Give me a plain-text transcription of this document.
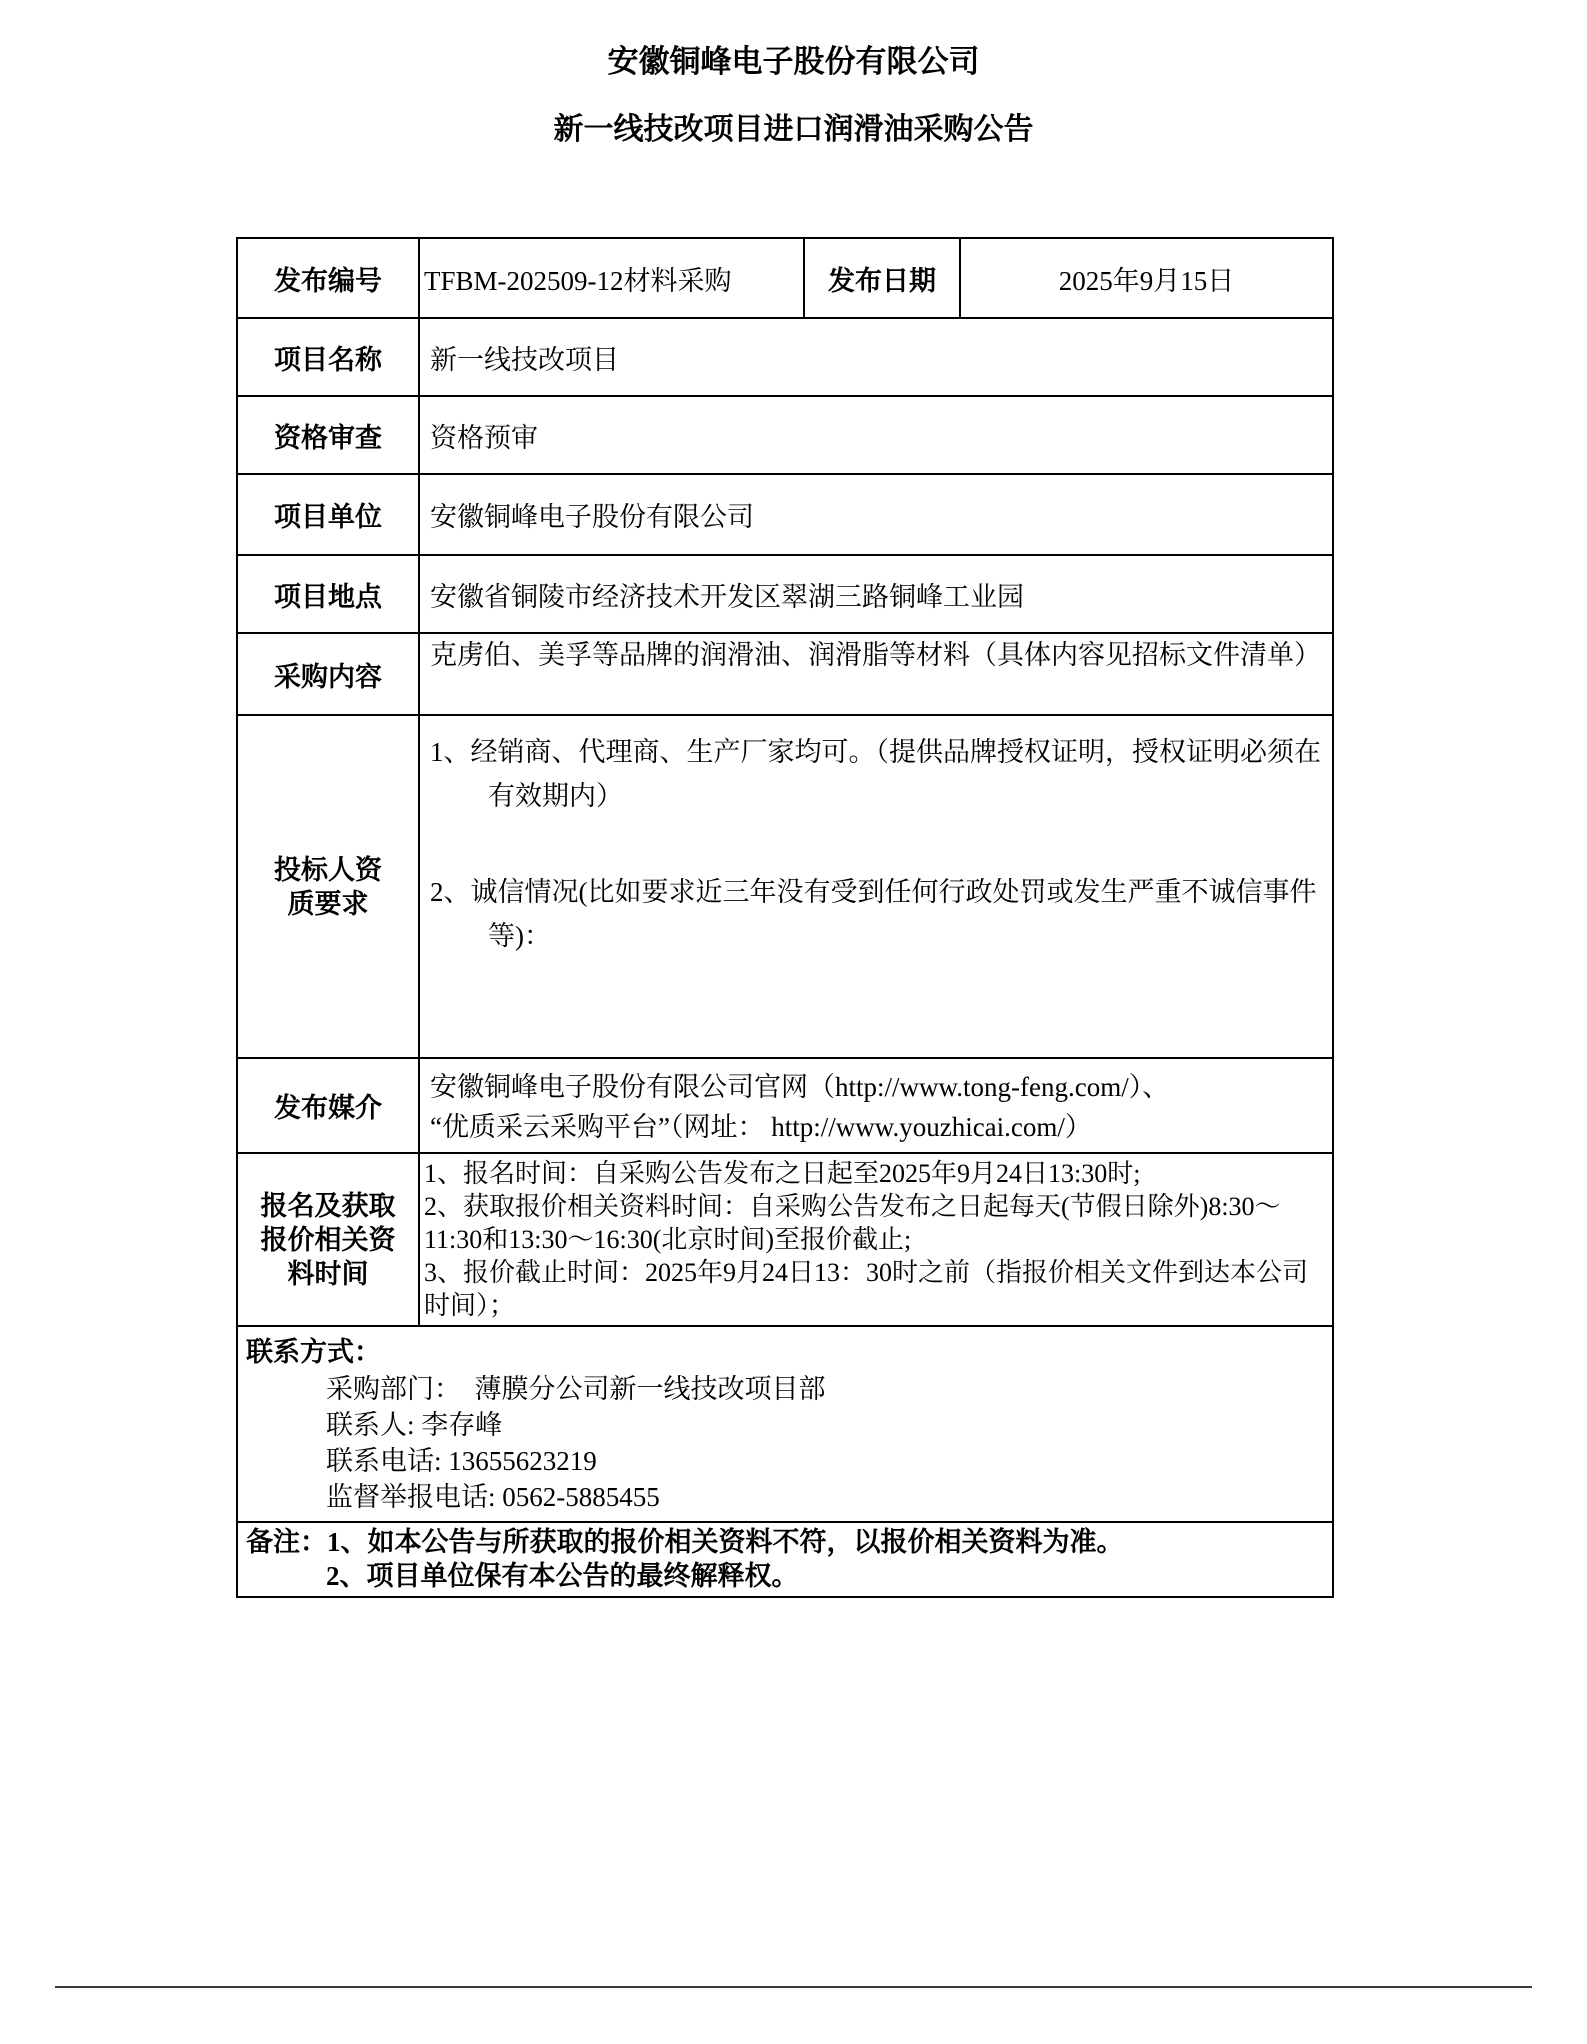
安徽铜峰电子股份有限公司
新一线技改项目进口润滑油采购公告
发布编号	TFBM-202509-12材料采购	发布日期	2025年9月15日
项目名称	新一线技改项目		
资格审查	资格预审		
项目单位	安徽铜峰电子股份有限公司		
项目地点	安徽省铜陵市经济技术开发区翠湖三路铜峰工业园		
采购内容	克虏伯、美孚等品牌的润滑油、润滑脂等材料（具体内容见招标文件清单）		
投标人资质要求	1、经销商、代理商、生产厂家均可。（提供品牌授权证明，授权证明必须在有效期内）
2、诚信情况(比如要求近三年没有受到任何行政处罚或发生严重不诚信事件等)：		

发布媒介	安徽铜峰电子股份有限公司官网（http://www.tong-feng.com/）、
“优质采云采购平台”（网址： http://www.youzhicai.com/）		

报名及获取报价相关资料时间	1、报名时间：自采购公告发布之日起至2025年9月24日13:30时;
2、获取报价相关资料时间：自采购公告发布之日起每天(节假日除外)8:30～11:30和13:30～16:30(北京时间)至报价截止;
3、报价截止时间：2025年9月24日13：30时之前（指报价相关文件到达本公司时间）；		

联系方式：
采购部门：　薄膜分公司新一线技改项目部
联系人: 李存峰
联系电话: 13655623219
监督举报电话: 0562-5885455			

备注：1、如本公告与所获取的报价相关资料不符，以报价相关资料为准。
2、项目单位保有本公告的最终解释权。			
